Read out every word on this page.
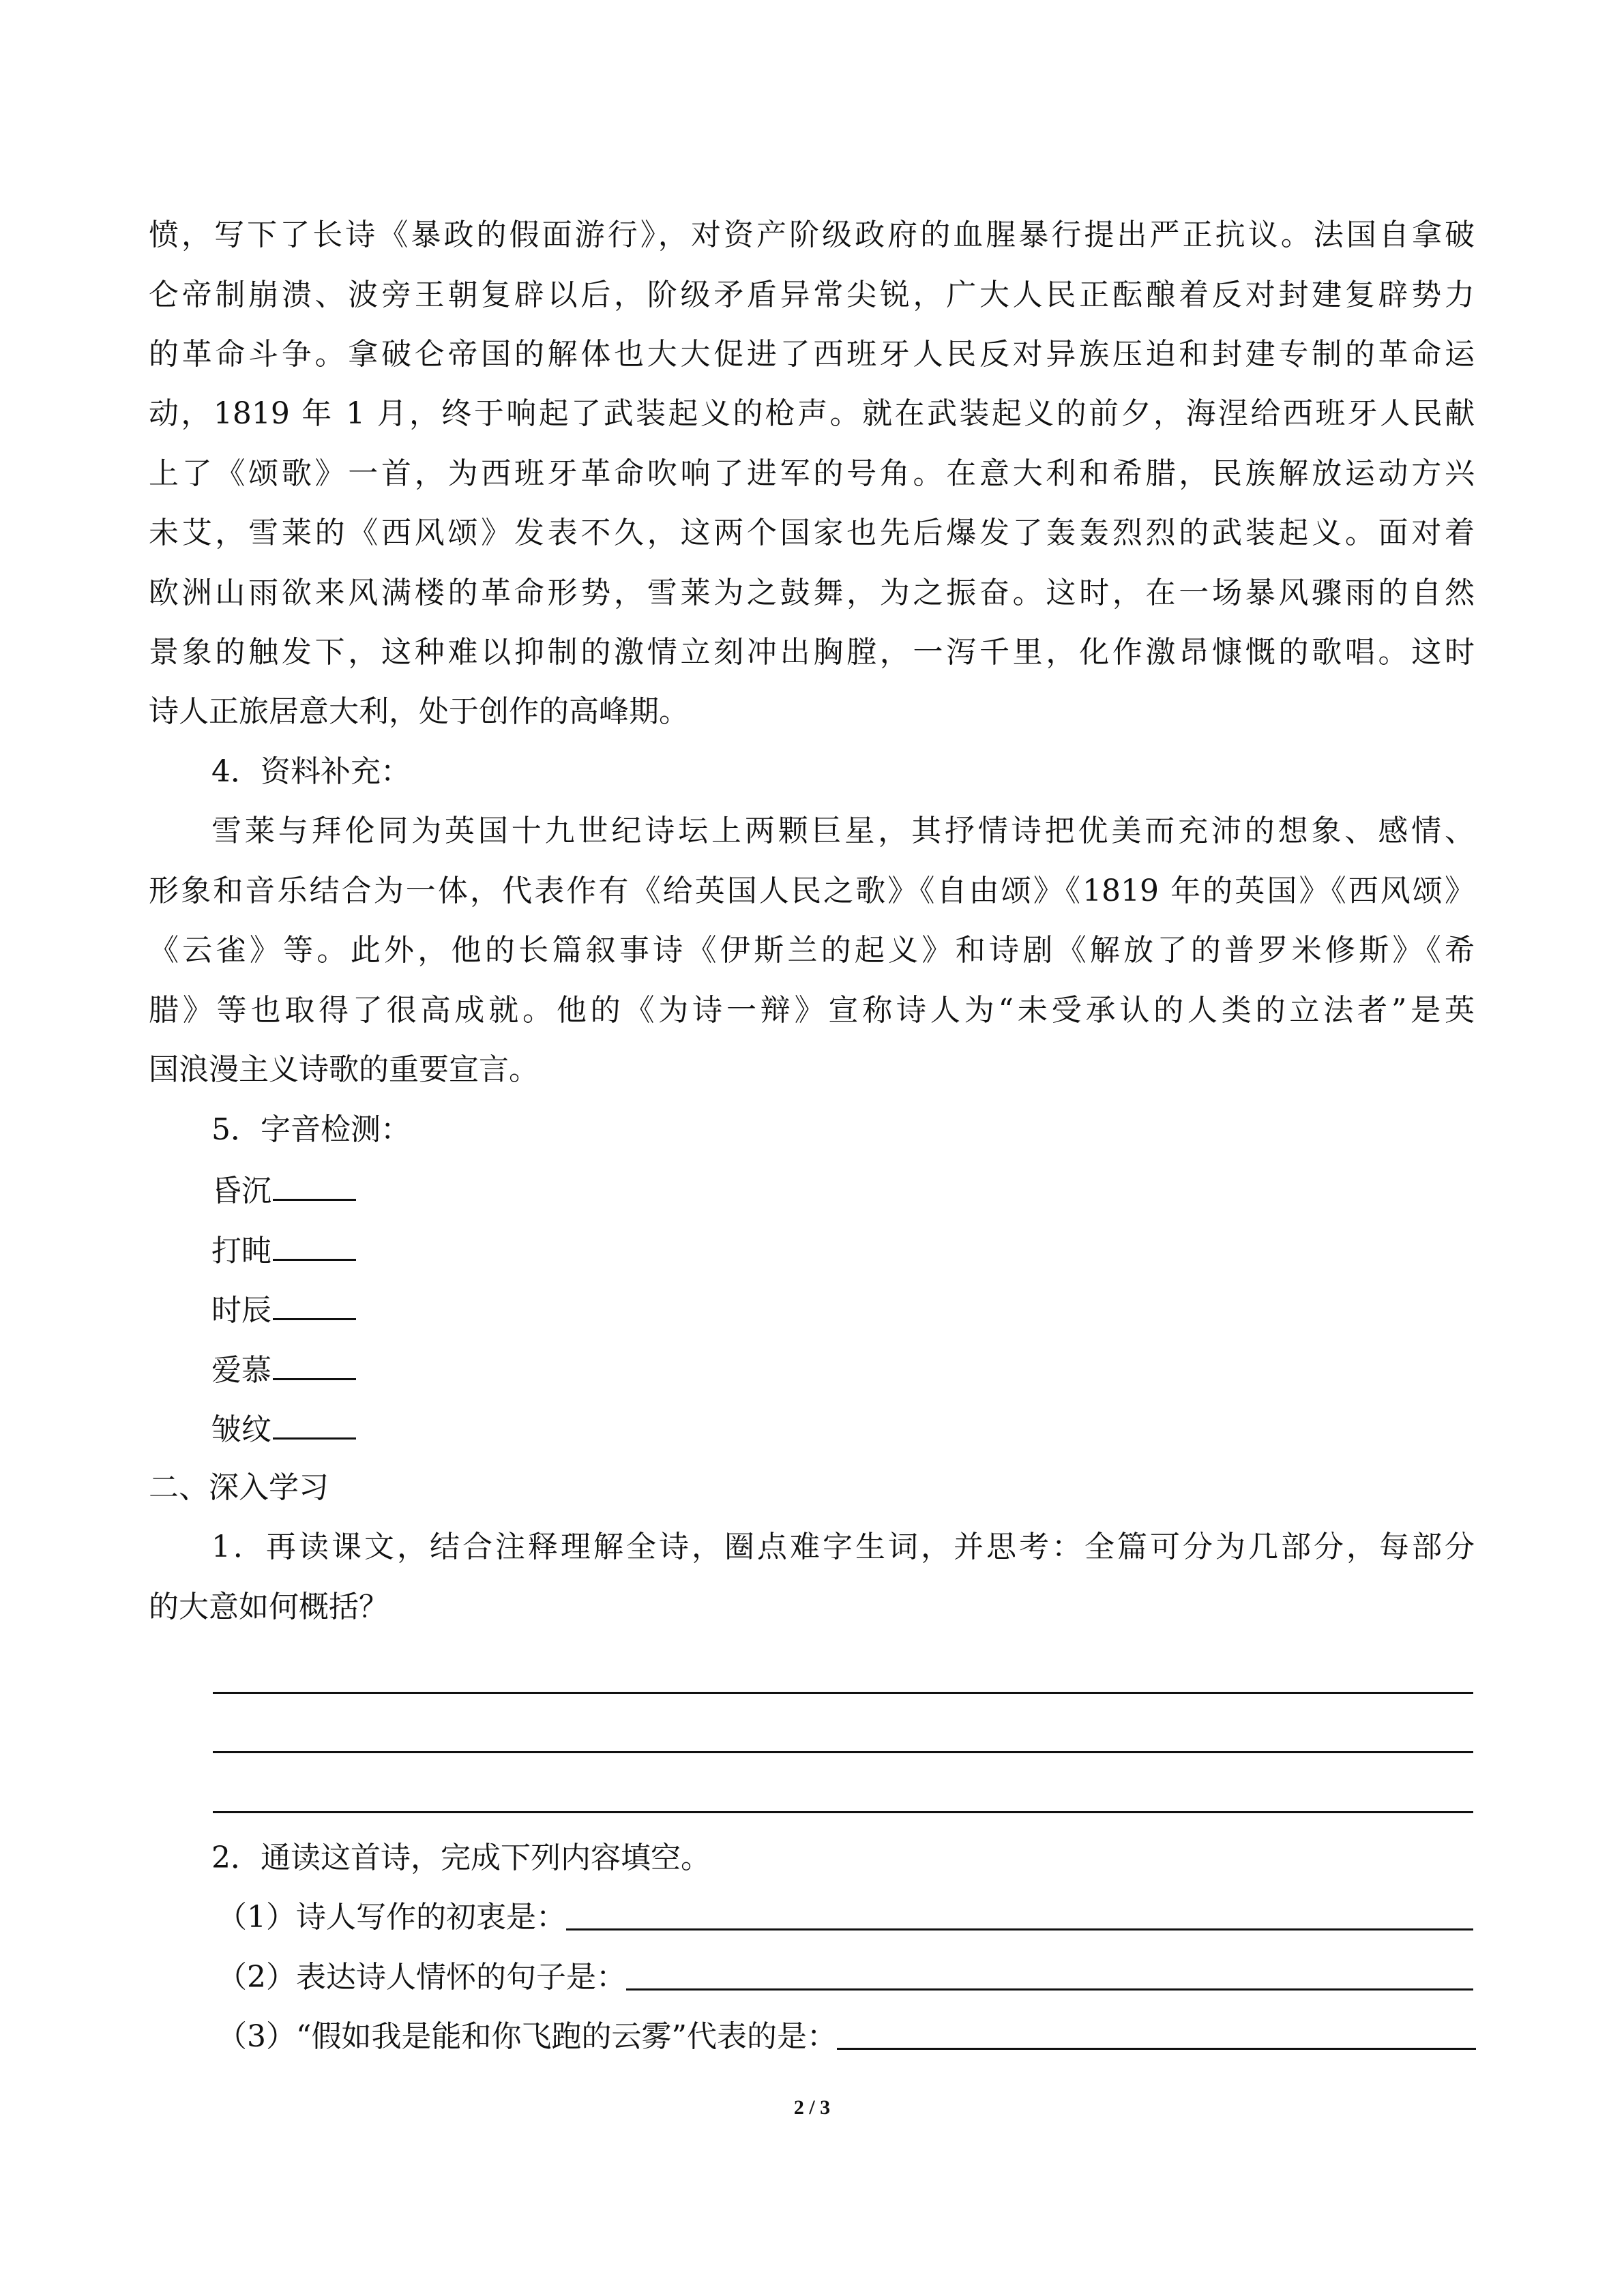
愤，写下了长诗《暴政的假面游行》，对资产阶级政府的血腥暴行提出严正抗议。法国自拿破
仑帝制崩溃、波旁王朝复辟以后，阶级矛盾异常尖锐，广大人民正酝酿着反对封建复辟势力
的革命斗争。拿破仑帝国的解体也大大促进了西班牙人民反对异族压迫和封建专制的革命运
动，1819 年 1 月，终于响起了武装起义的枪声。就在武装起义的前夕，海涅给西班牙人民献
上了《颂歌》一首，为西班牙革命吹响了进军的号角。在意大利和希腊，民族解放运动方兴
未艾，雪莱的《西风颂》发表不久，这两个国家也先后爆发了轰轰烈烈的武装起义。面对着
欧洲山雨欲来风满楼的革命形势，雪莱为之鼓舞，为之振奋。这时，在一场暴风骤雨的自然
景象的触发下，这种难以抑制的激情立刻冲出胸膛，一泻千里，化作激昂慷慨的歌唱。这时
诗人正旅居意大利，处于创作的高峰期。
4．资料补充：
雪莱与拜伦同为英国十九世纪诗坛上两颗巨星，其抒情诗把优美而充沛的想象、感情、
形象和音乐结合为一体，代表作有《给英国人民之歌》《自由颂》《1819 年的英国》《西风颂》
《云雀》等。此外，他的长篇叙事诗《伊斯兰的起义》和诗剧《解放了的普罗米修斯》《希
腊》等也取得了很高成就。他的《为诗一辩》宣称诗人为“未受承认的人类的立法者”是英
国浪漫主义诗歌的重要宣言。
5．字音检测：
昏沉
打盹
时辰
爱慕
皱纹
二、深入学习
1．再读课文，结合注释理解全诗，圈点难字生词，并思考：全篇可分为几部分，每部分
的大意如何概括？
2．通读这首诗，完成下列内容填空。
（1）诗人写作的初衷是：
（2）表达诗人情怀的句子是：
（3）“假如我是能和你飞跑的云雾”代表的是：
2 / 3
